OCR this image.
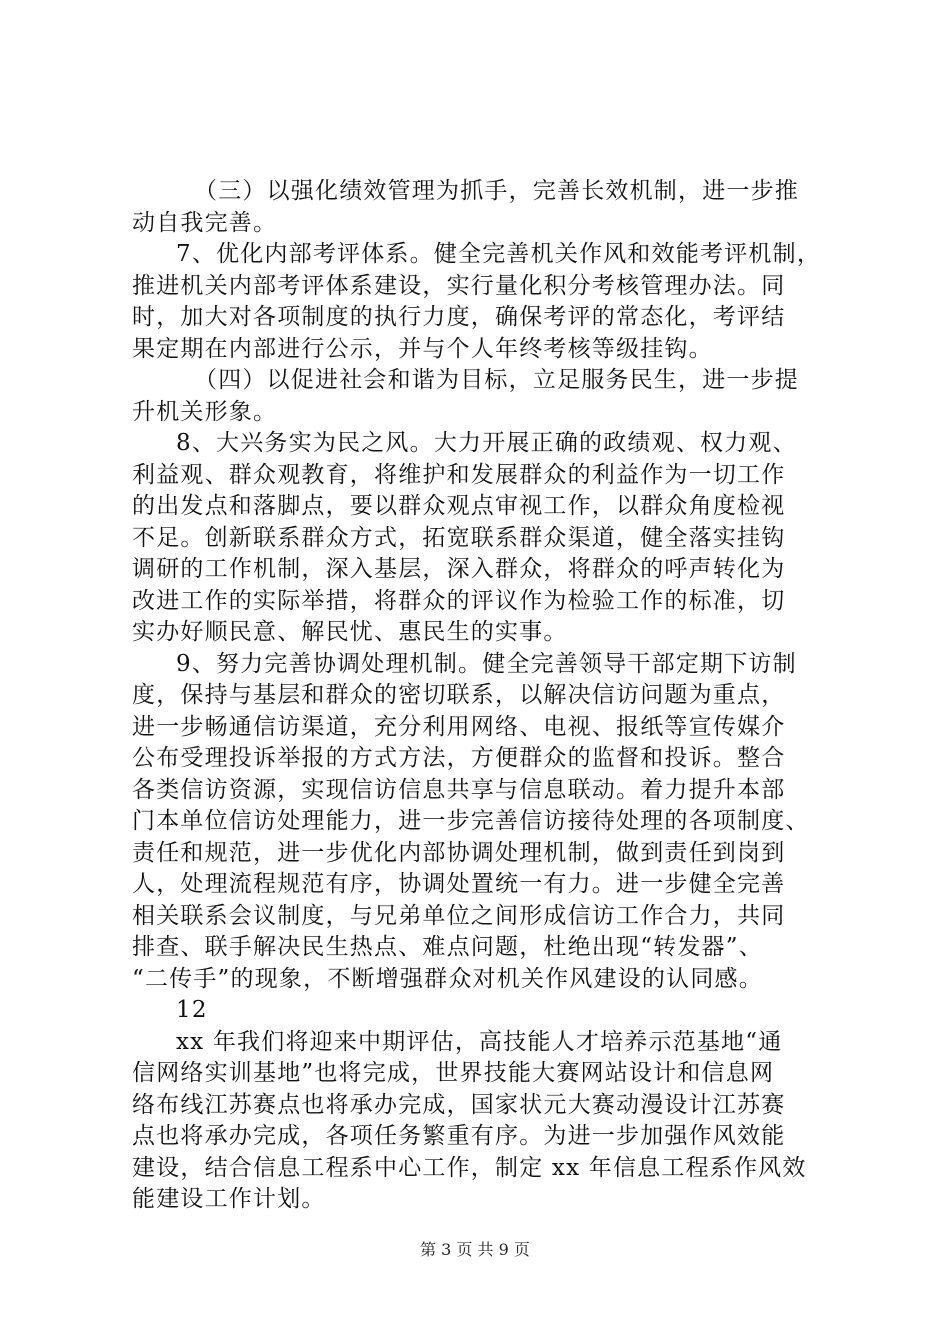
（三）以强化绩效管理为抓手，完善长效机制，进一步推
动自我完善。
7、优化内部考评体系。健全完善机关作风和效能考评机制，
推进机关内部考评体系建设，实行量化积分考核管理办法。同
时，加大对各项制度的执行力度，确保考评的常态化，考评结
果定期在内部进行公示，并与个人年终考核等级挂钩。
（四）以促进社会和谐为目标，立足服务民生，进一步提
升机关形象。
8、大兴务实为民之风。大力开展正确的政绩观、权力观、
利益观、群众观教育，将维护和发展群众的利益作为一切工作
的出发点和落脚点，要以群众观点审视工作，以群众角度检视
不足。创新联系群众方式，拓宽联系群众渠道，健全落实挂钩
调研的工作机制，深入基层，深入群众，将群众的呼声转化为
改进工作的实际举措，将群众的评议作为检验工作的标准，切
实办好顺民意、解民忧、惠民生的实事。
9、努力完善协调处理机制。健全完善领导干部定期下访制
度，保持与基层和群众的密切联系，以解决信访问题为重点，
进一步畅通信访渠道，充分利用网络、电视、报纸等宣传媒介
公布受理投诉举报的方式方法，方便群众的监督和投诉。整合
各类信访资源，实现信访信息共享与信息联动。着力提升本部
门本单位信访处理能力，进一步完善信访接待处理的各项制度、
责任和规范，进一步优化内部协调处理机制，做到责任到岗到
人，处理流程规范有序，协调处置统一有力。进一步健全完善
相关联系会议制度，与兄弟单位之间形成信访工作合力，共同
排查、联手解决民生热点、难点问题，杜绝出现“转发器”、
“二传手”的现象，不断增强群众对机关作风建设的认同感。
12
xx 年我们将迎来中期评估，高技能人才培养示范基地“通
信网络实训基地”也将完成，世界技能大赛网站设计和信息网
络布线江苏赛点也将承办完成，国家状元大赛动漫设计江苏赛
点也将承办完成，各项任务繁重有序。为进一步加强作风效能
建设，结合信息工程系中心工作，制定 xx 年信息工程系作风效
能建设工作计划。
第 3 页 共 9 页
